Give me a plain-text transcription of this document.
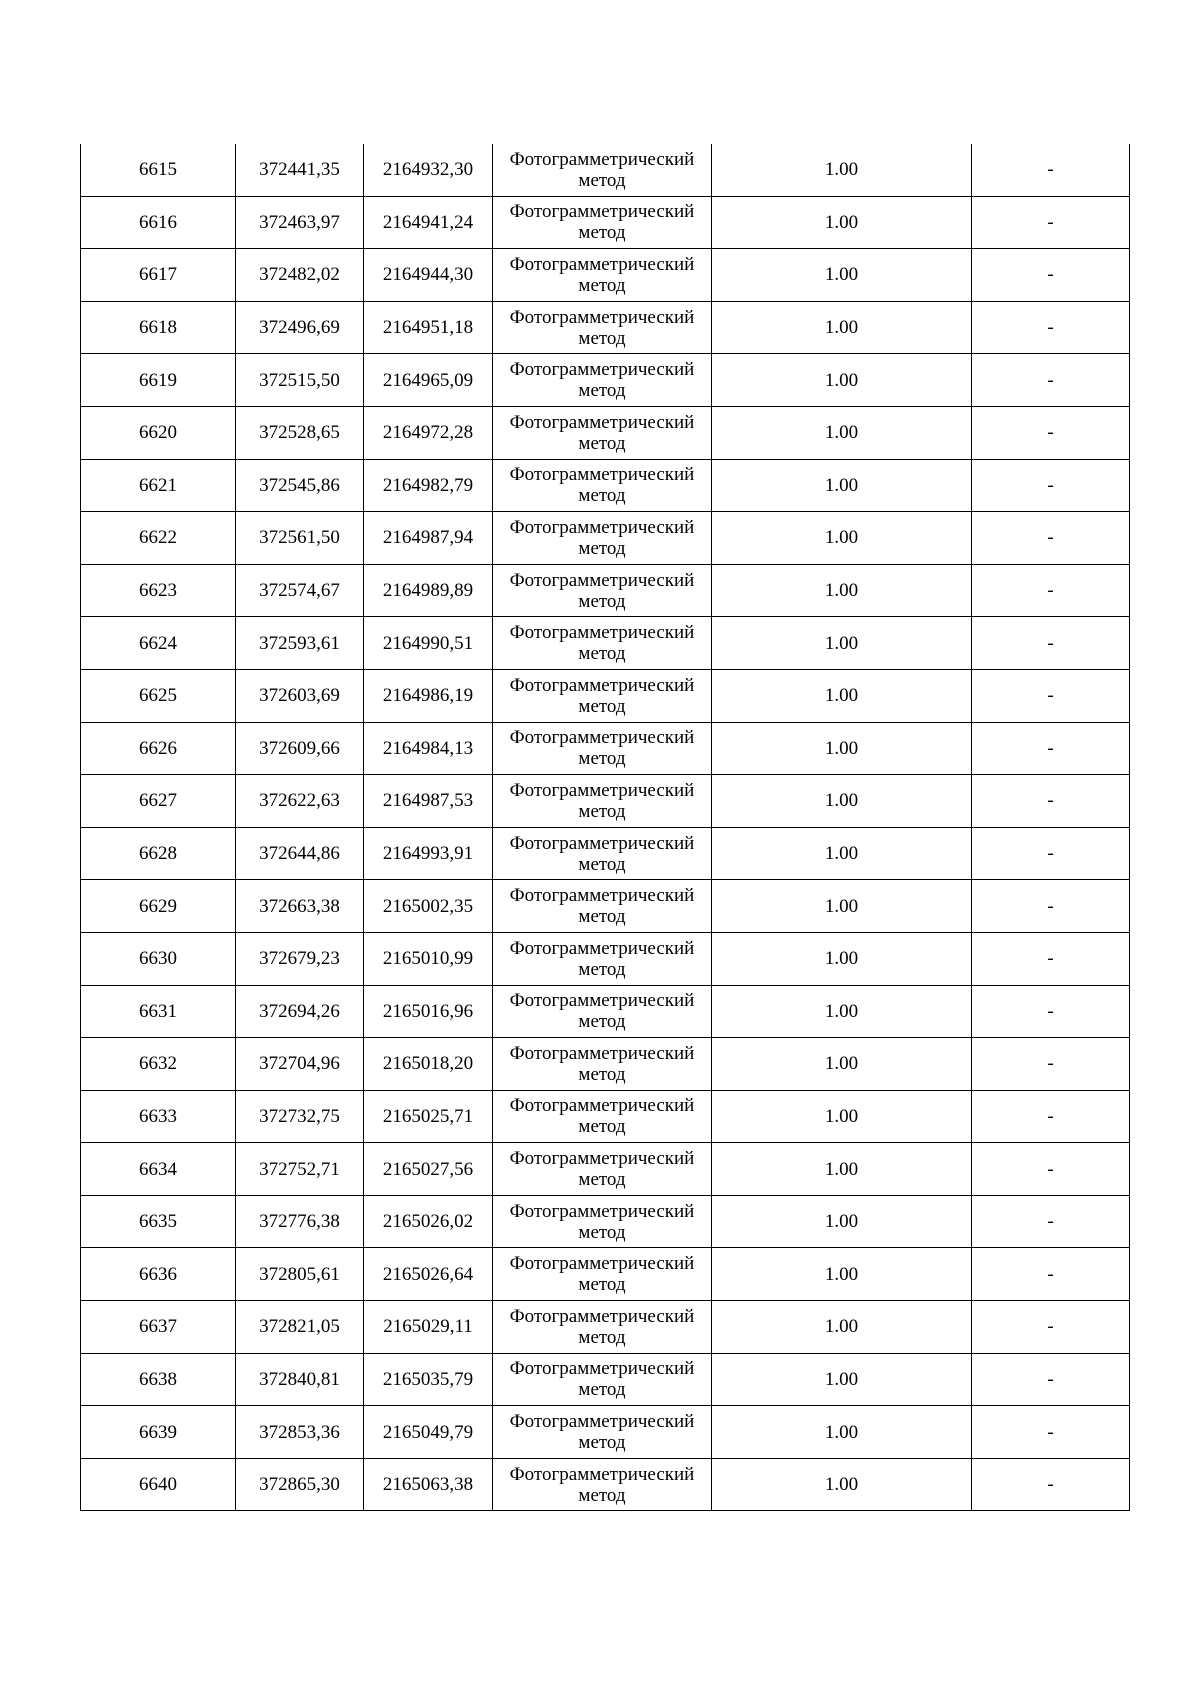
6615	372441,35	2164932,30	Фотограмметрический
метод	1.00	-
6616	372463,97	2164941,24	Фотограмметрический
метод	1.00	-
6617	372482,02	2164944,30	Фотограмметрический
метод	1.00	-
6618	372496,69	2164951,18	Фотограмметрический
метод	1.00	-
6619	372515,50	2164965,09	Фотограмметрический
метод	1.00	-
6620	372528,65	2164972,28	Фотограмметрический
метод	1.00	-
6621	372545,86	2164982,79	Фотограмметрический
метод	1.00	-
6622	372561,50	2164987,94	Фотограмметрический
метод	1.00	-
6623	372574,67	2164989,89	Фотограмметрический
метод	1.00	-
6624	372593,61	2164990,51	Фотограмметрический
метод	1.00	-
6625	372603,69	2164986,19	Фотограмметрический
метод	1.00	-
6626	372609,66	2164984,13	Фотограмметрический
метод	1.00	-
6627	372622,63	2164987,53	Фотограмметрический
метод	1.00	-
6628	372644,86	2164993,91	Фотограмметрический
метод	1.00	-
6629	372663,38	2165002,35	Фотограмметрический
метод	1.00	-
6630	372679,23	2165010,99	Фотограмметрический
метод	1.00	-
6631	372694,26	2165016,96	Фотограмметрический
метод	1.00	-
6632	372704,96	2165018,20	Фотограмметрический
метод	1.00	-
6633	372732,75	2165025,71	Фотограмметрический
метод	1.00	-
6634	372752,71	2165027,56	Фотограмметрический
метод	1.00	-
6635	372776,38	2165026,02	Фотограмметрический
метод	1.00	-
6636	372805,61	2165026,64	Фотограмметрический
метод	1.00	-
6637	372821,05	2165029,11	Фотограмметрический
метод	1.00	-
6638	372840,81	2165035,79	Фотограмметрический
метод	1.00	-
6639	372853,36	2165049,79	Фотограмметрический
метод	1.00	-
6640	372865,30	2165063,38	Фотограмметрический
метод	1.00	-
